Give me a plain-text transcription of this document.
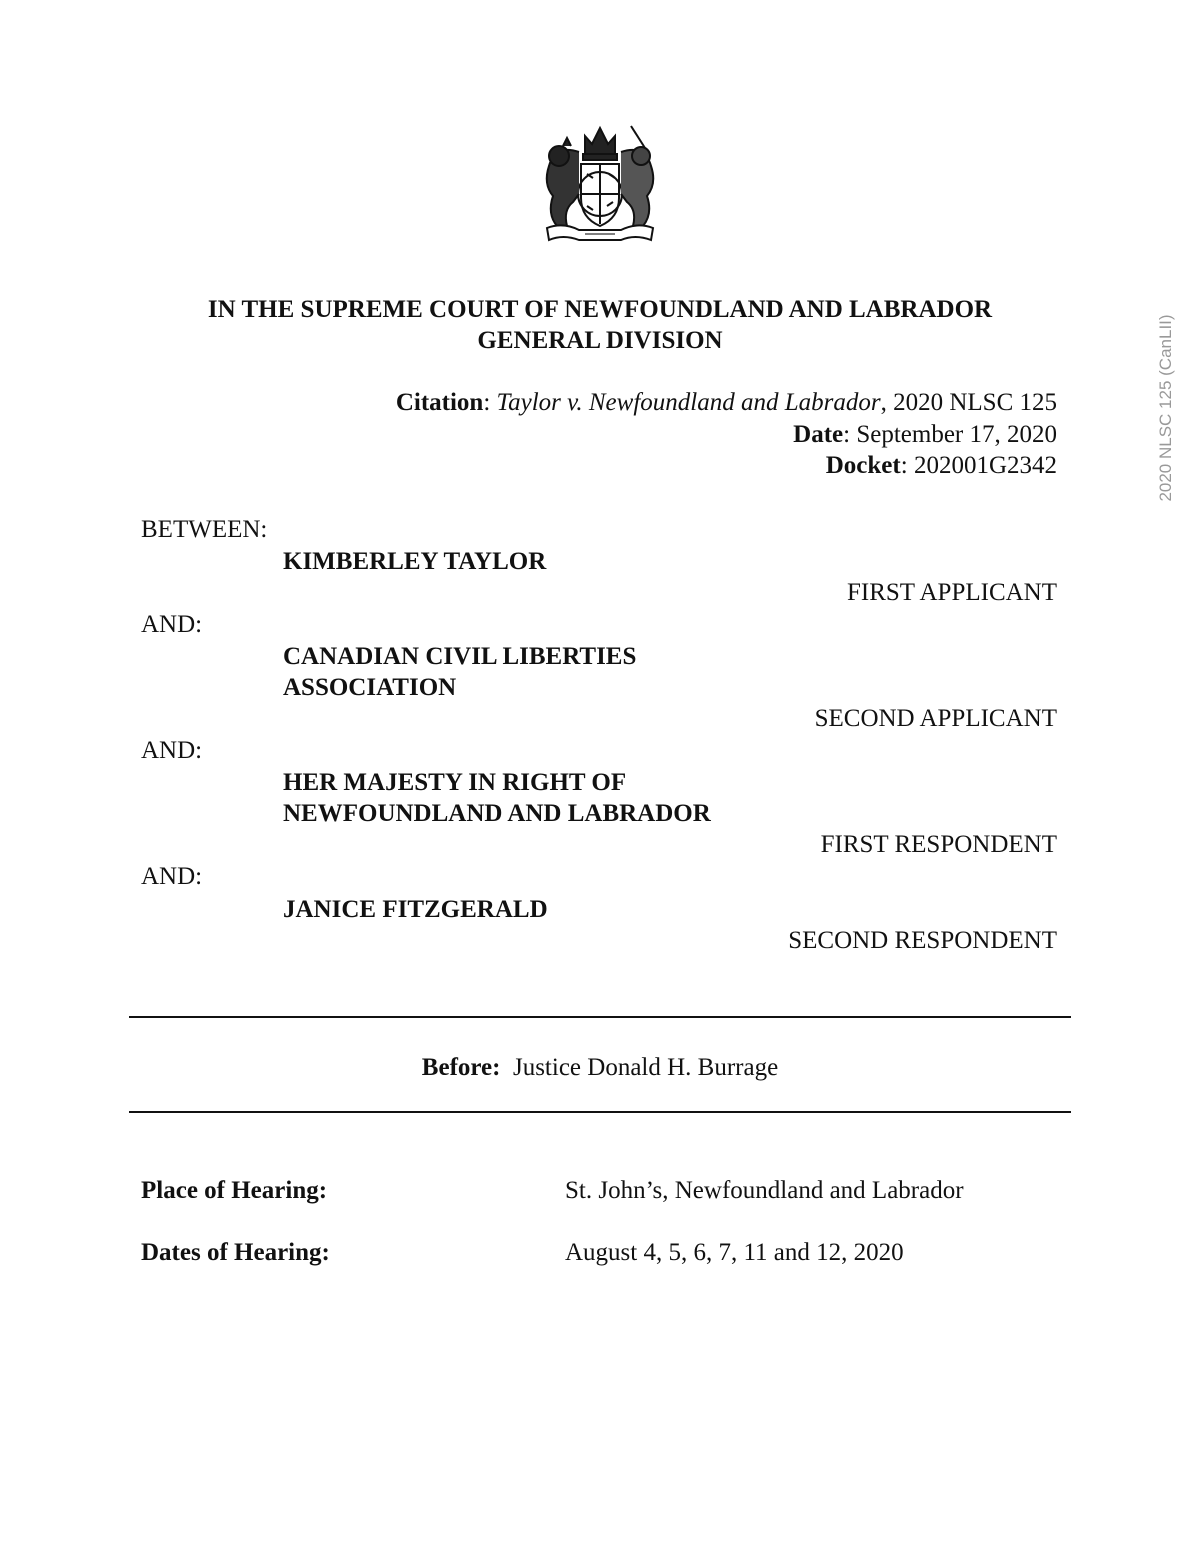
IN THE SUPREME COURT OF NEWFOUNDLAND AND LABRADOR
GENERAL DIVISION
Citation: Taylor v. Newfoundland and Labrador, 2020 NLSC 125
Date: September 17, 2020
Docket: 202001G2342
BETWEEN:
KIMBERLEY TAYLOR
FIRST APPLICANT
AND:
CANADIAN CIVIL LIBERTIES
ASSOCIATION
SECOND APPLICANT
AND:
HER MAJESTY IN RIGHT OF
NEWFOUNDLAND AND LABRADOR
FIRST RESPONDENT
AND:
JANICE FITZGERALD
SECOND RESPONDENT
Before: Justice Donald H. Burrage
Place of Hearing:	St. John’s, Newfoundland and Labrador
Dates of Hearing:	August 4, 5, 6, 7, 11 and 12, 2020
2020 NLSC 125 (CanLII)
